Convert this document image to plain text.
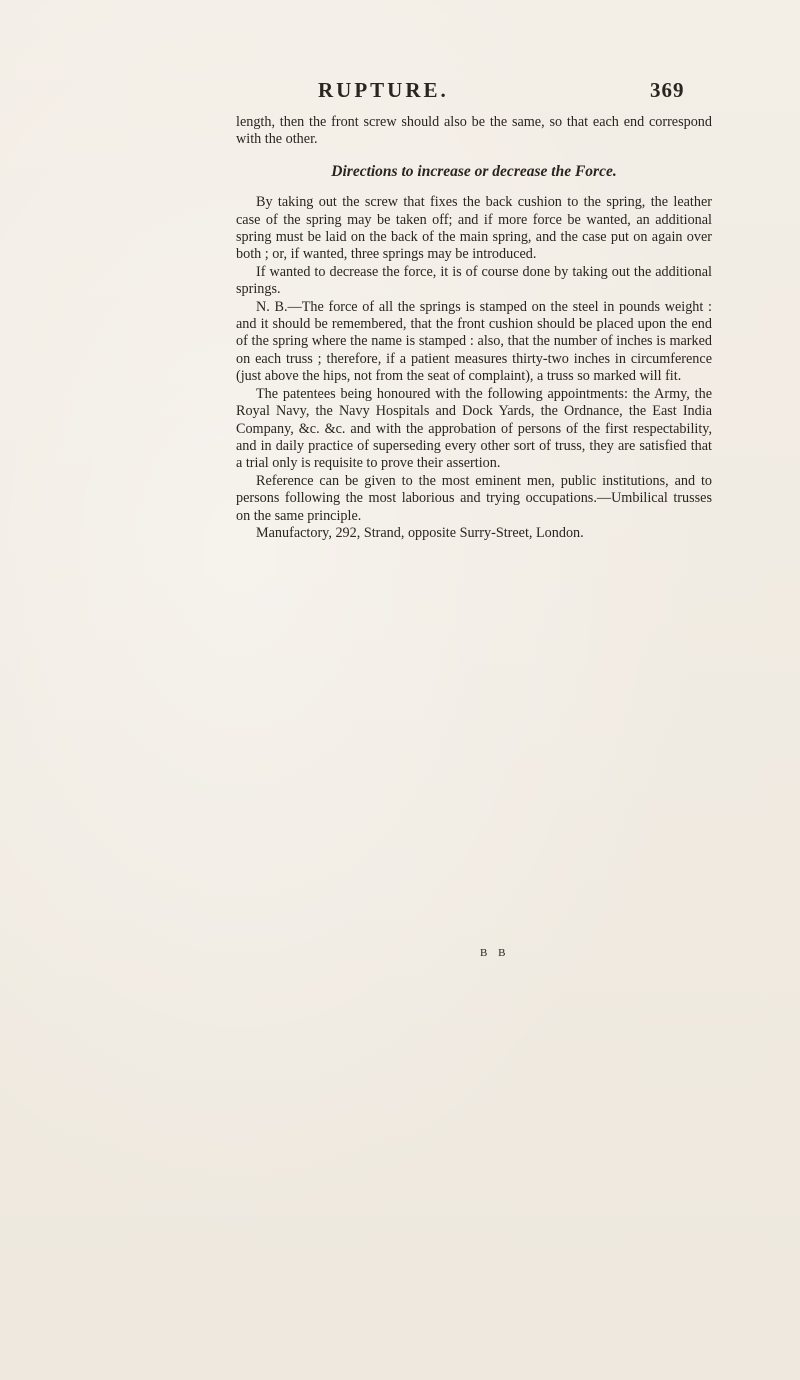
RUPTURE.	369

length, then the front screw should also be the same, so that each end correspond with the other.

Directions to increase or decrease the Force.

By taking out the screw that fixes the back cushion to the spring, the leather case of the spring may be taken off; and if more force be wanted, an additional spring must be laid on the back of the main spring, and the case put on again over both ; or, if wanted, three springs may be introduced.

If wanted to decrease the force, it is of course done by taking out the additional springs.

N. B.—The force of all the springs is stamped on the steel in pounds weight : and it should be remembered, that the front cushion should be placed upon the end of the spring where the name is stamped : also, that the number of inches is marked on each truss ; therefore, if a patient measures thirty-two inches in circumference (just above the hips, not from the seat of complaint), a truss so marked will fit.

The patentees being honoured with the following appointments: the Army, the Royal Navy, the Navy Hospitals and Dock Yards, the Ordnance, the East India Company, &c. &c. and with the approbation of persons of the first respectability, and in daily practice of superseding every other sort of truss, they are satisfied that a trial only is requisite to prove their assertion.

Reference can be given to the most eminent men, public institutions, and to persons following the most laborious and trying occupations.—Umbilical trusses on the same principle.

Manufactory, 292, Strand, opposite Surry-Street, London.

B B
